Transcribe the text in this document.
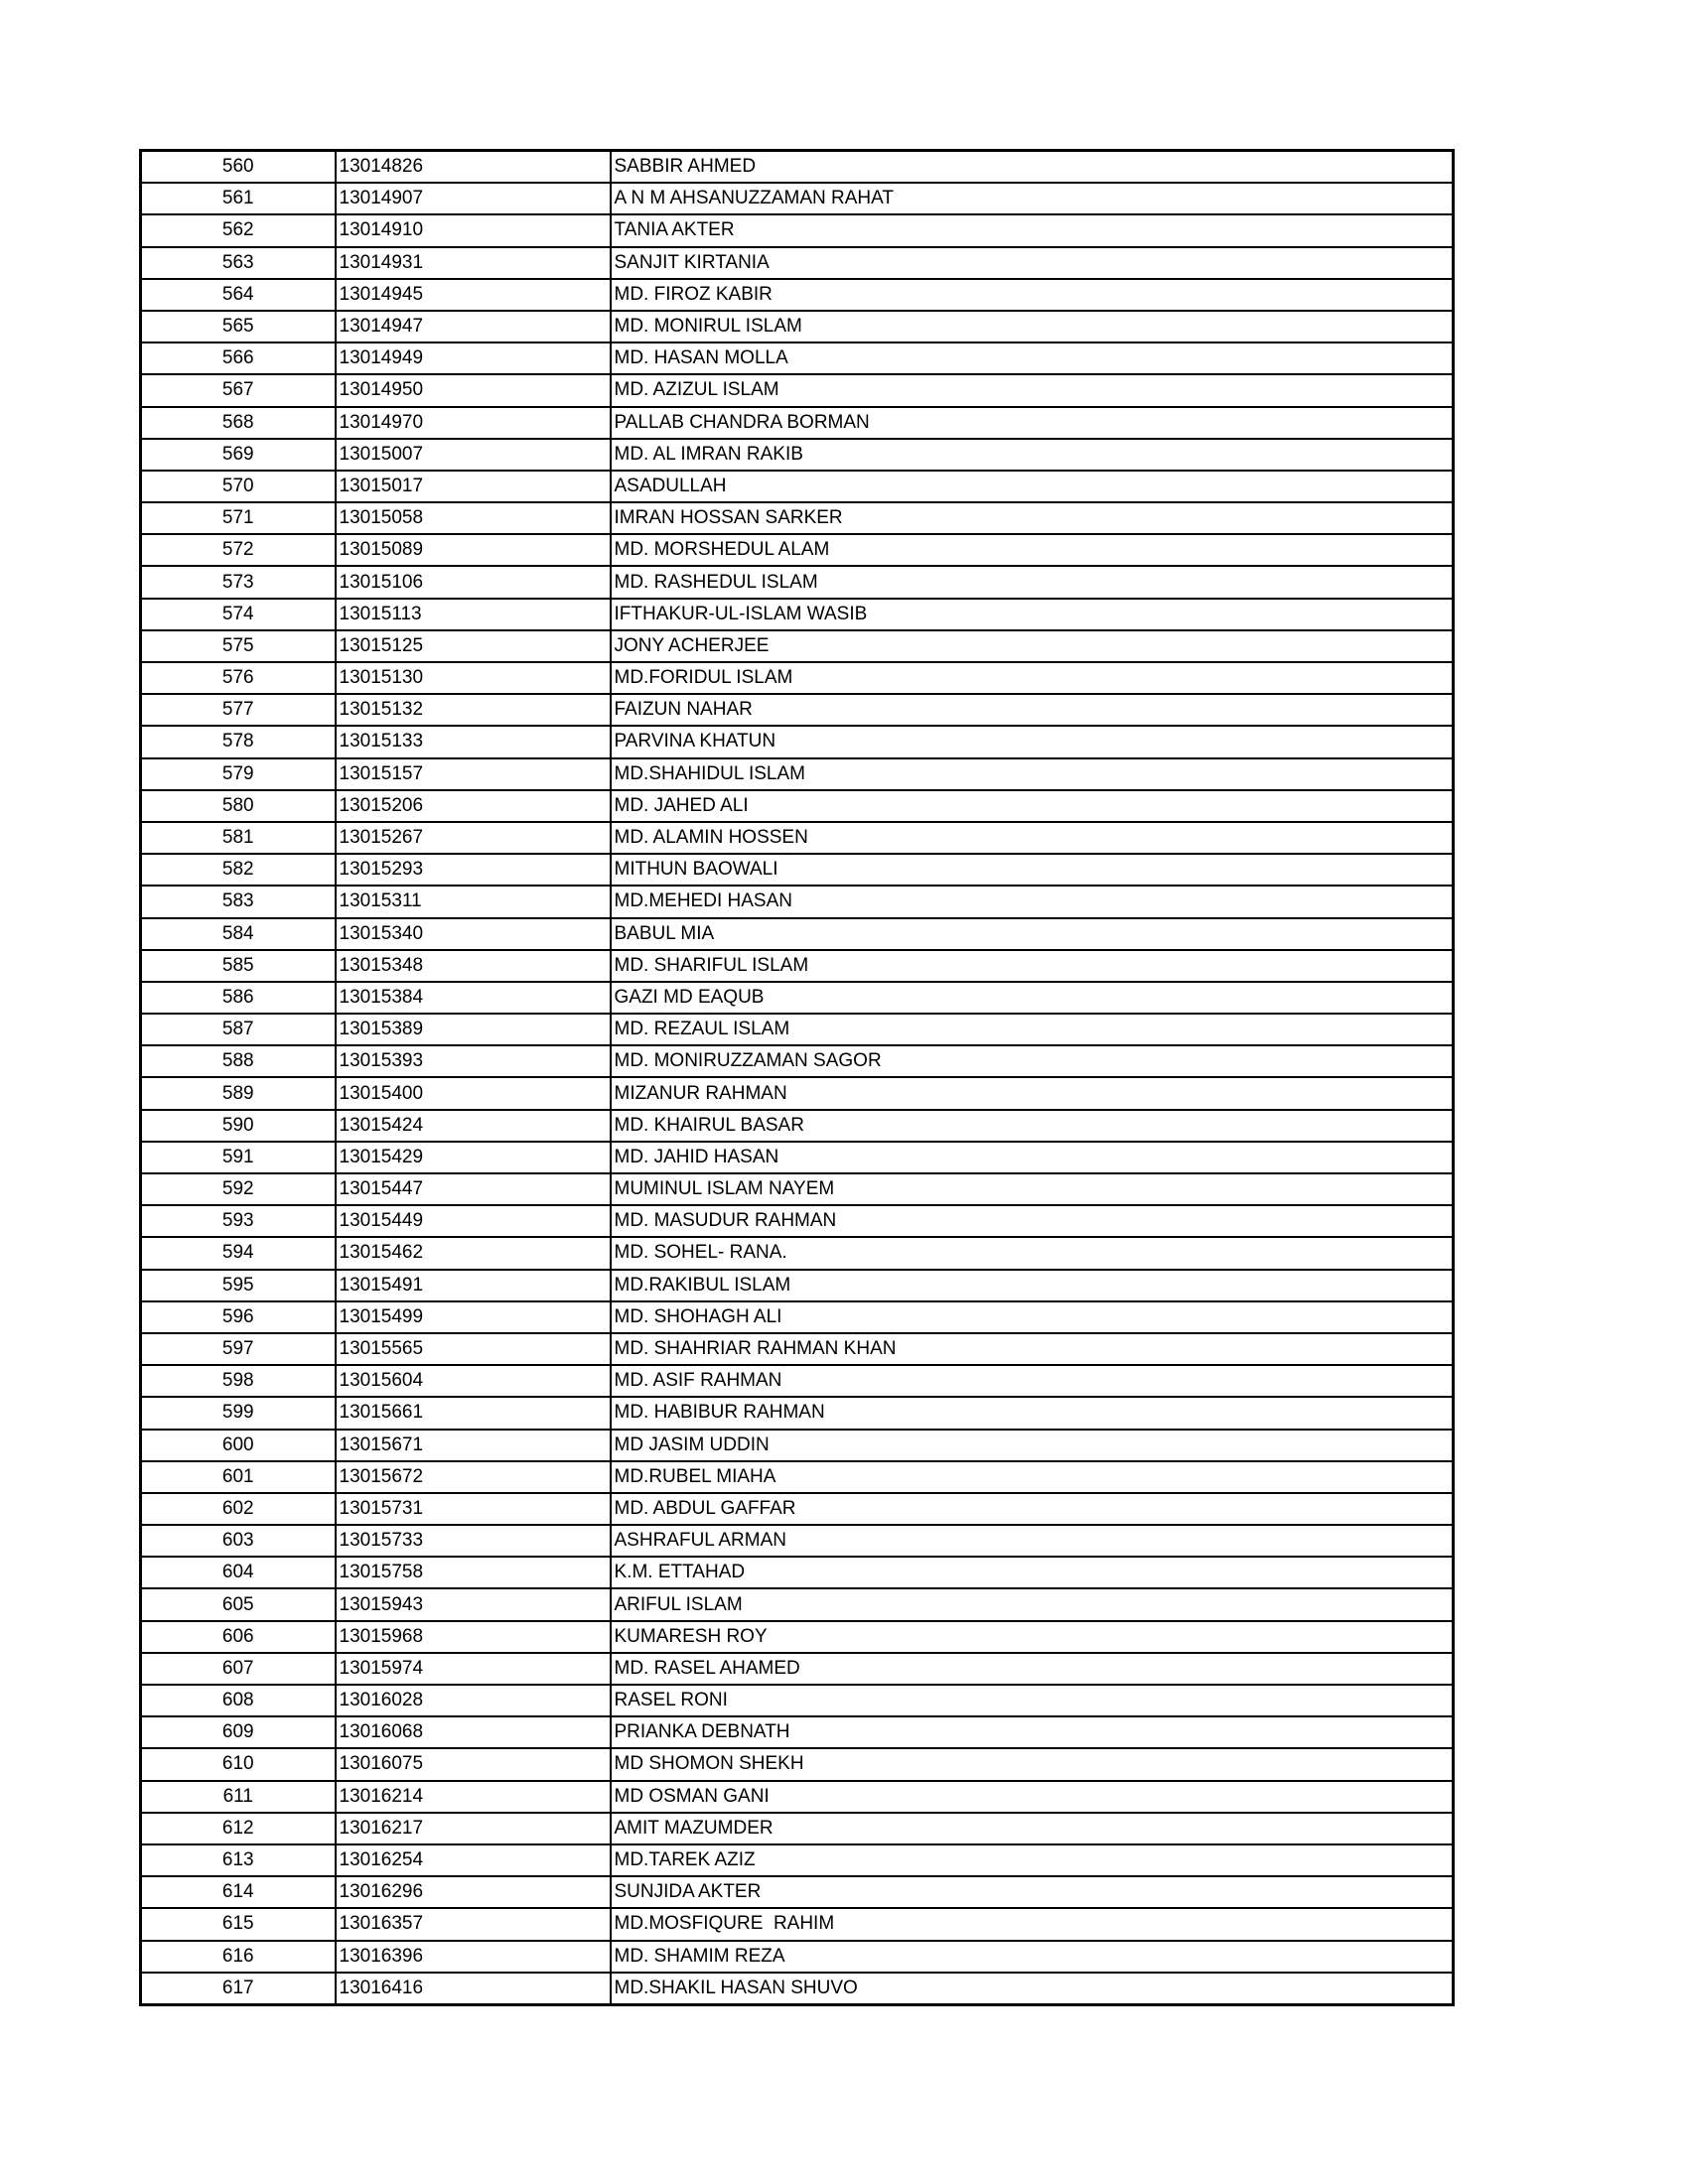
560	13014826	SABBIR AHMED
561	13014907	A N M AHSANUZZAMAN RAHAT
562	13014910	TANIA AKTER
563	13014931	SANJIT KIRTANIA
564	13014945	MD. FIROZ KABIR
565	13014947	MD. MONIRUL ISLAM
566	13014949	MD. HASAN MOLLA
567	13014950	MD. AZIZUL ISLAM
568	13014970	PALLAB CHANDRA BORMAN
569	13015007	MD. AL IMRAN RAKIB
570	13015017	ASADULLAH
571	13015058	IMRAN HOSSAN SARKER
572	13015089	MD. MORSHEDUL ALAM
573	13015106	MD. RASHEDUL ISLAM
574	13015113	IFTHAKUR-UL-ISLAM WASIB
575	13015125	JONY ACHERJEE
576	13015130	MD.FORIDUL ISLAM
577	13015132	FAIZUN NAHAR
578	13015133	PARVINA KHATUN
579	13015157	MD.SHAHIDUL ISLAM
580	13015206	MD. JAHED ALI
581	13015267	MD. ALAMIN HOSSEN
582	13015293	MITHUN BAOWALI
583	13015311	MD.MEHEDI HASAN
584	13015340	BABUL MIA
585	13015348	MD. SHARIFUL ISLAM
586	13015384	GAZI MD EAQUB
587	13015389	MD. REZAUL ISLAM
588	13015393	MD. MONIRUZZAMAN SAGOR
589	13015400	MIZANUR RAHMAN
590	13015424	MD. KHAIRUL BASAR
591	13015429	MD. JAHID HASAN
592	13015447	MUMINUL ISLAM NAYEM
593	13015449	MD. MASUDUR RAHMAN
594	13015462	MD. SOHEL- RANA.
595	13015491	MD.RAKIBUL ISLAM
596	13015499	MD. SHOHAGH ALI
597	13015565	MD. SHAHRIAR RAHMAN KHAN
598	13015604	MD. ASIF RAHMAN
599	13015661	MD. HABIBUR RAHMAN
600	13015671	MD JASIM UDDIN
601	13015672	MD.RUBEL MIAHA
602	13015731	MD. ABDUL GAFFAR
603	13015733	ASHRAFUL ARMAN
604	13015758	K.M. ETTAHAD
605	13015943	ARIFUL ISLAM
606	13015968	KUMARESH ROY
607	13015974	MD. RASEL AHAMED
608	13016028	RASEL RONI
609	13016068	PRIANKA DEBNATH
610	13016075	MD SHOMON SHEKH
611	13016214	MD OSMAN GANI
612	13016217	AMIT MAZUMDER
613	13016254	MD.TAREK AZIZ
614	13016296	SUNJIDA AKTER
615	13016357	MD.MOSFIQURE  RAHIM
616	13016396	MD. SHAMIM REZA
617	13016416	MD.SHAKIL HASAN SHUVO
